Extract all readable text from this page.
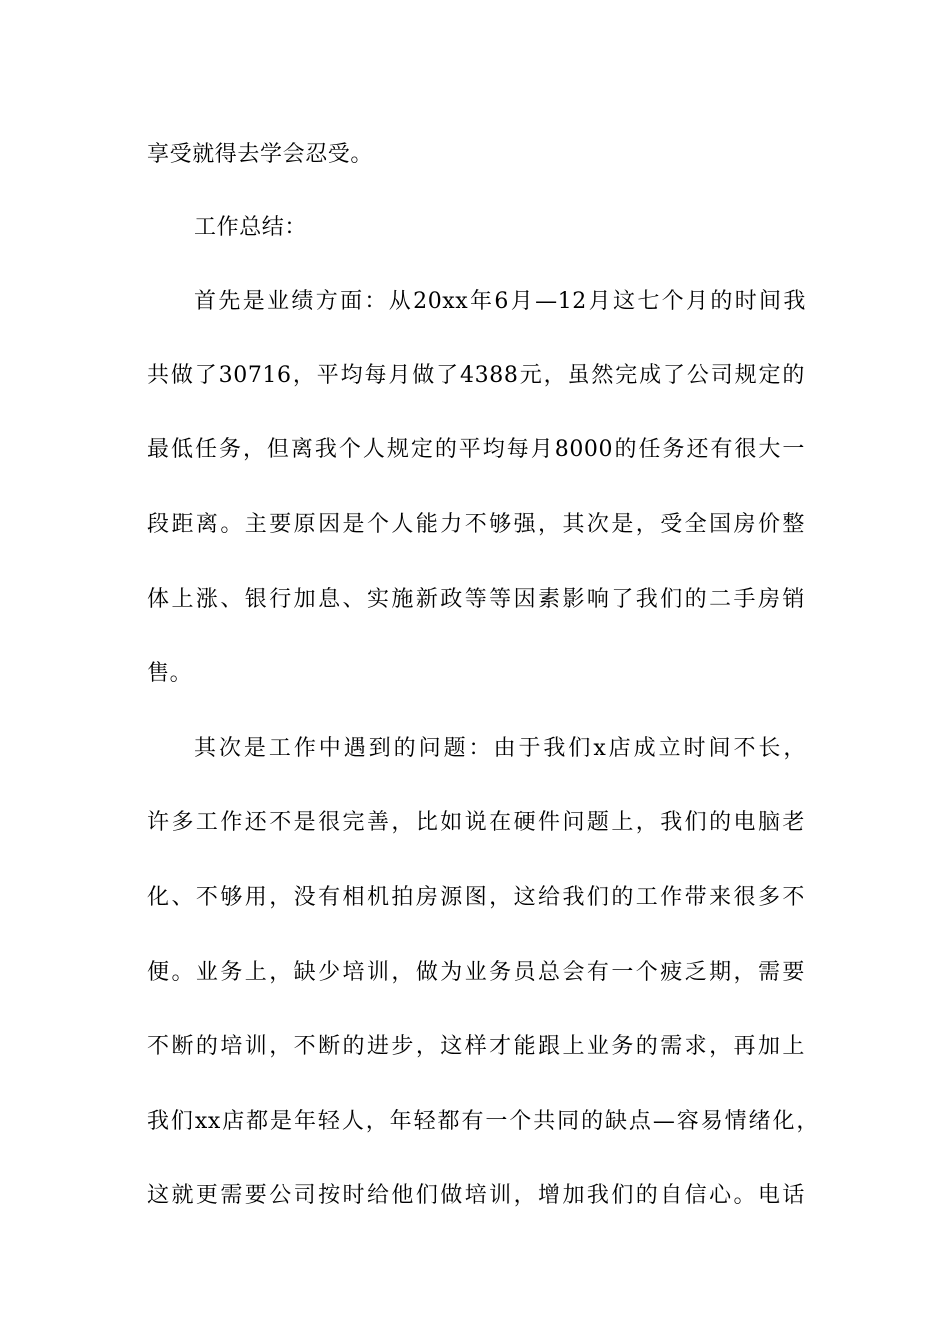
享受就得去学会忍受。

工作总结：

首先是业绩方面：从20xx年6月—12月这七个月的时间我

共做了30716，平均每月做了4388元，虽然完成了公司规定的

最低任务，但离我个人规定的平均每月8000的任务还有很大一

段距离。主要原因是个人能力不够强，其次是，受全国房价整

体上涨、银行加息、实施新政等等因素影响了我们的二手房销

售。

其次是工作中遇到的问题：由于我们x店成立时间不长，

许多工作还不是很完善，比如说在硬件问题上，我们的电脑老

化、不够用，没有相机拍房源图，这给我们的工作带来很多不

便。业务上，缺少培训，做为业务员总会有一个疲乏期，需要

不断的培训，不断的进步，这样才能跟上业务的需求，再加上

我们xx店都是年轻人，年轻都有一个共同的缺点—容易情绪化，

这就更需要公司按时给他们做培训，增加我们的自信心。电话
